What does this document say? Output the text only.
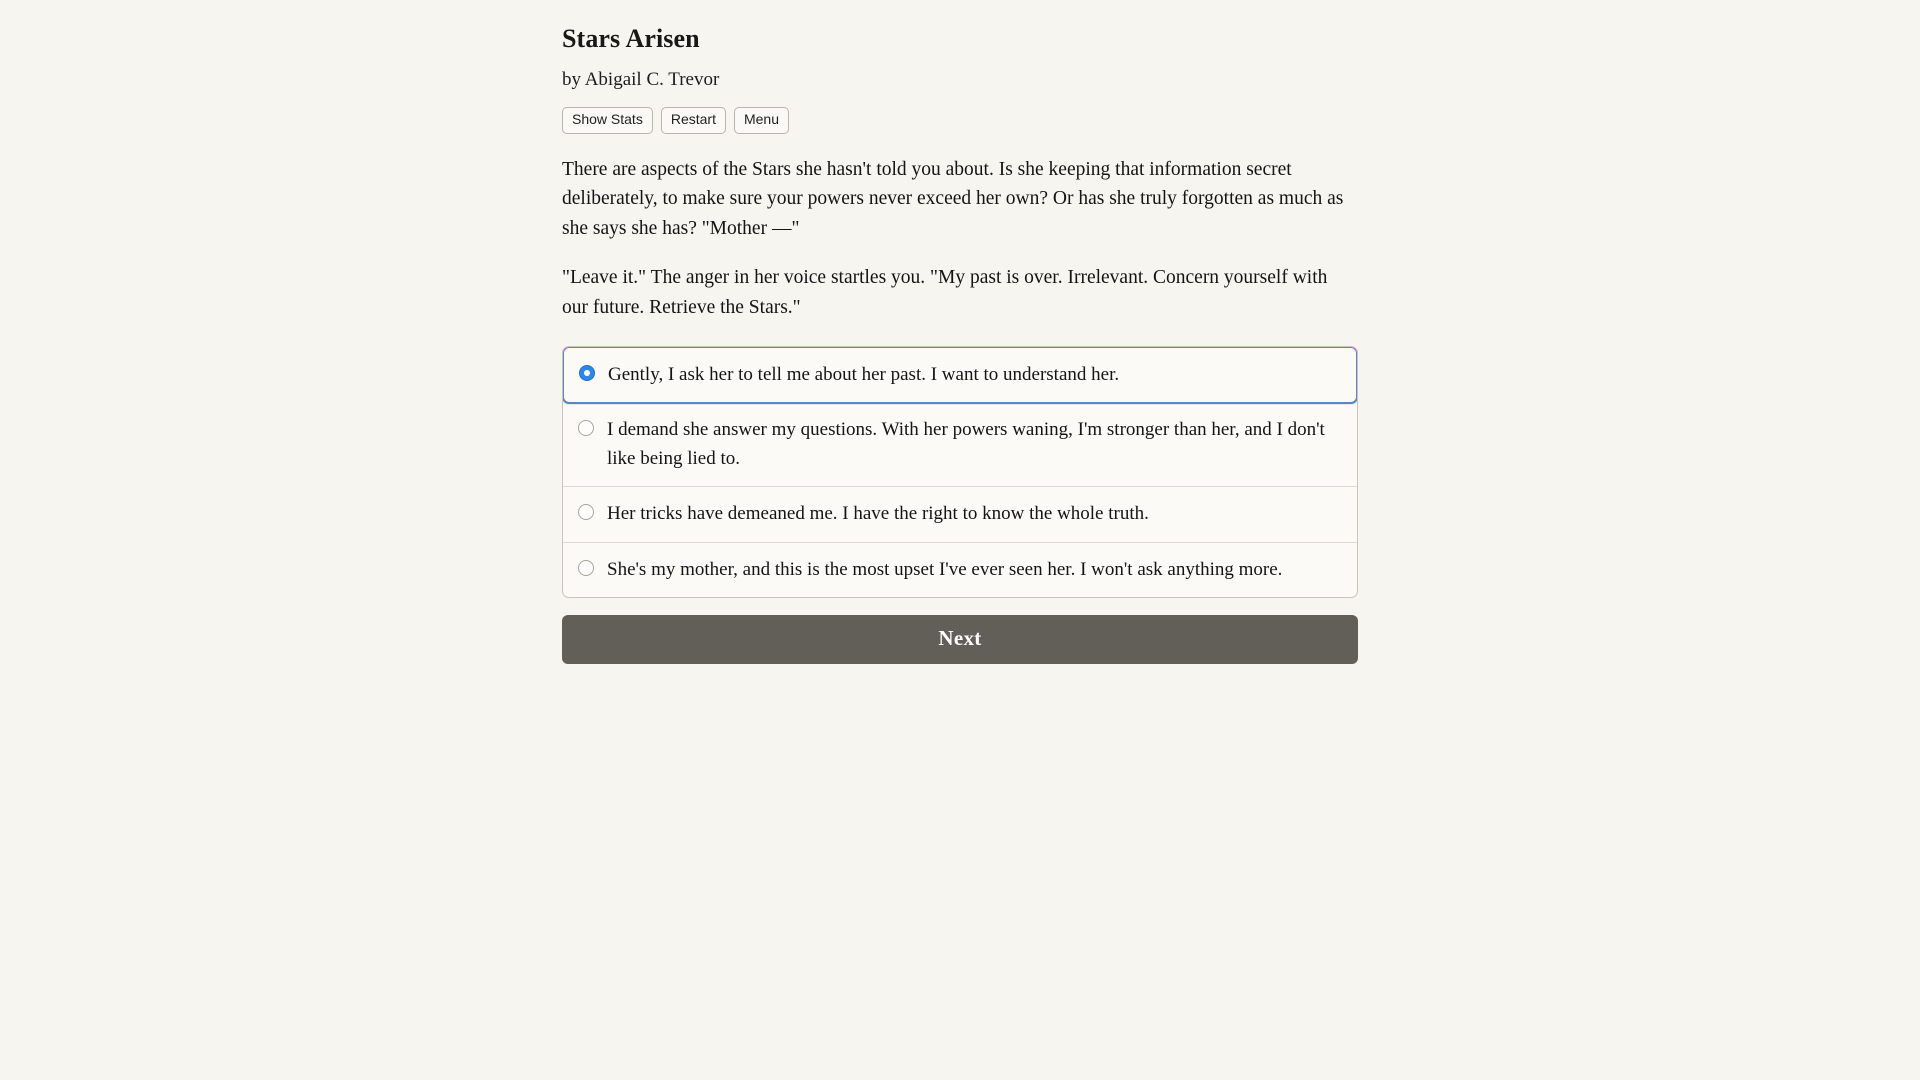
Stars Arisen
by Abigail C. Trevor
Show Stats	Restart	Menu

There are aspects of the Stars she hasn't told you about. Is she keeping that information secret deliberately, to make sure your powers never exceed her own? Or has she truly forgotten as much as she says she has? "Mother —"

"Leave it." The anger in her voice startles you. "My past is over. Irrelevant. Concern yourself with our future. Retrieve the Stars."

Gently, I ask her to tell me about her past. I want to understand her.
I demand she answer my questions. With her powers waning, I'm stronger than her, and I don't like being lied to.
Her tricks have demeaned me. I have the right to know the whole truth.
She's my mother, and this is the most upset I've ever seen her. I won't ask anything more.
Next
